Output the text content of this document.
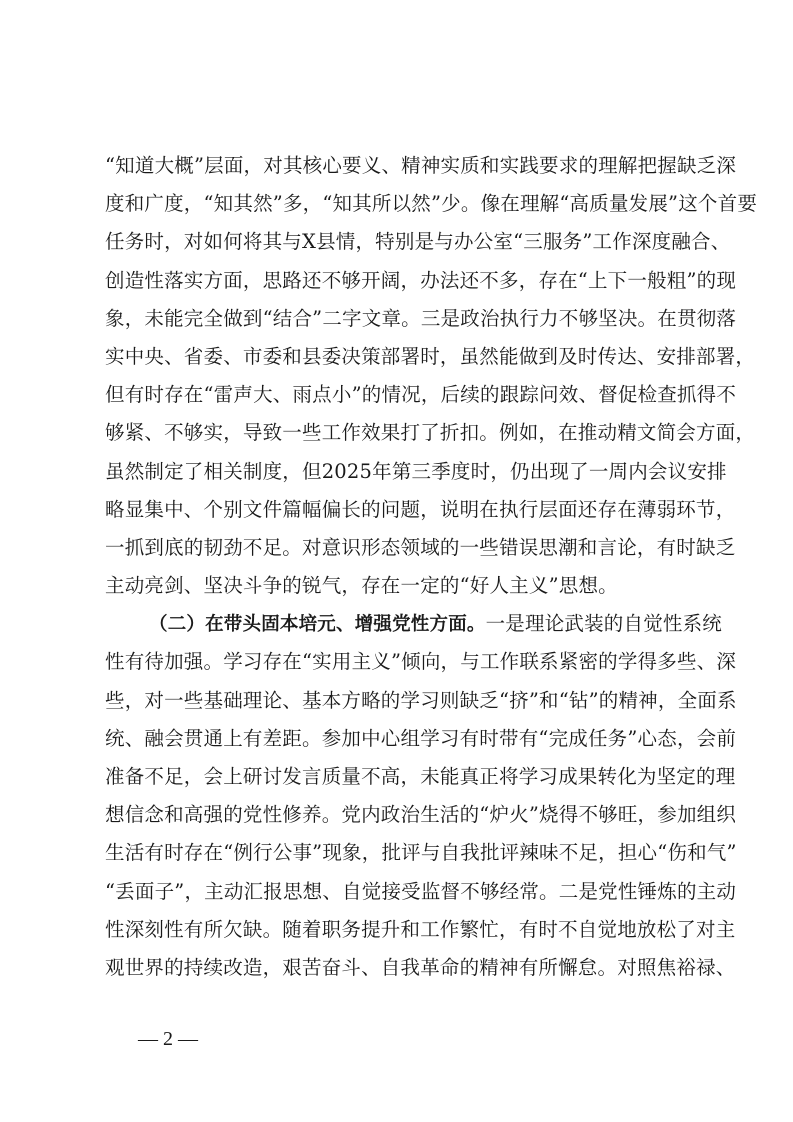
“知道大概”层面，对其核心要义、精神实质和实践要求的理解把握缺乏深
度和广度，“知其然”多，“知其所以然”少。像在理解“高质量发展”这个首要
任务时，对如何将其与X县情，特别是与办公室“三服务”工作深度融合、
创造性落实方面，思路还不够开阔，办法还不多，存在“上下一般粗”的现
象，未能完全做到“结合”二字文章。三是政治执行力不够坚决。在贯彻落
实中央、省委、市委和县委决策部署时，虽然能做到及时传达、安排部署，
但有时存在“雷声大、雨点小”的情况，后续的跟踪问效、督促检查抓得不
够紧、不够实，导致一些工作效果打了折扣。例如，在推动精文简会方面，
虽然制定了相关制度，但2025年第三季度时，仍出现了一周内会议安排
略显集中、个别文件篇幅偏长的问题，说明在执行层面还存在薄弱环节，
一抓到底的韧劲不足。对意识形态领域的一些错误思潮和言论，有时缺乏
主动亮剑、坚决斗争的锐气，存在一定的“好人主义”思想。
（二）在带头固本培元、增强党性方面。一是理论武装的自觉性系统
性有待加强。学习存在“实用主义”倾向，与工作联系紧密的学得多些、深
些，对一些基础理论、基本方略的学习则缺乏“挤”和“钻”的精神，全面系
统、融会贯通上有差距。参加中心组学习有时带有“完成任务”心态，会前
准备不足，会上研讨发言质量不高，未能真正将学习成果转化为坚定的理
想信念和高强的党性修养。党内政治生活的“炉火”烧得不够旺，参加组织
生活有时存在“例行公事”现象，批评与自我批评辣味不足，担心“伤和气”
“丢面子”，主动汇报思想、自觉接受监督不够经常。二是党性锤炼的主动
性深刻性有所欠缺。随着职务提升和工作繁忙，有时不自觉地放松了对主
观世界的持续改造，艰苦奋斗、自我革命的精神有所懈怠。对照焦裕禄、
— 2 —
